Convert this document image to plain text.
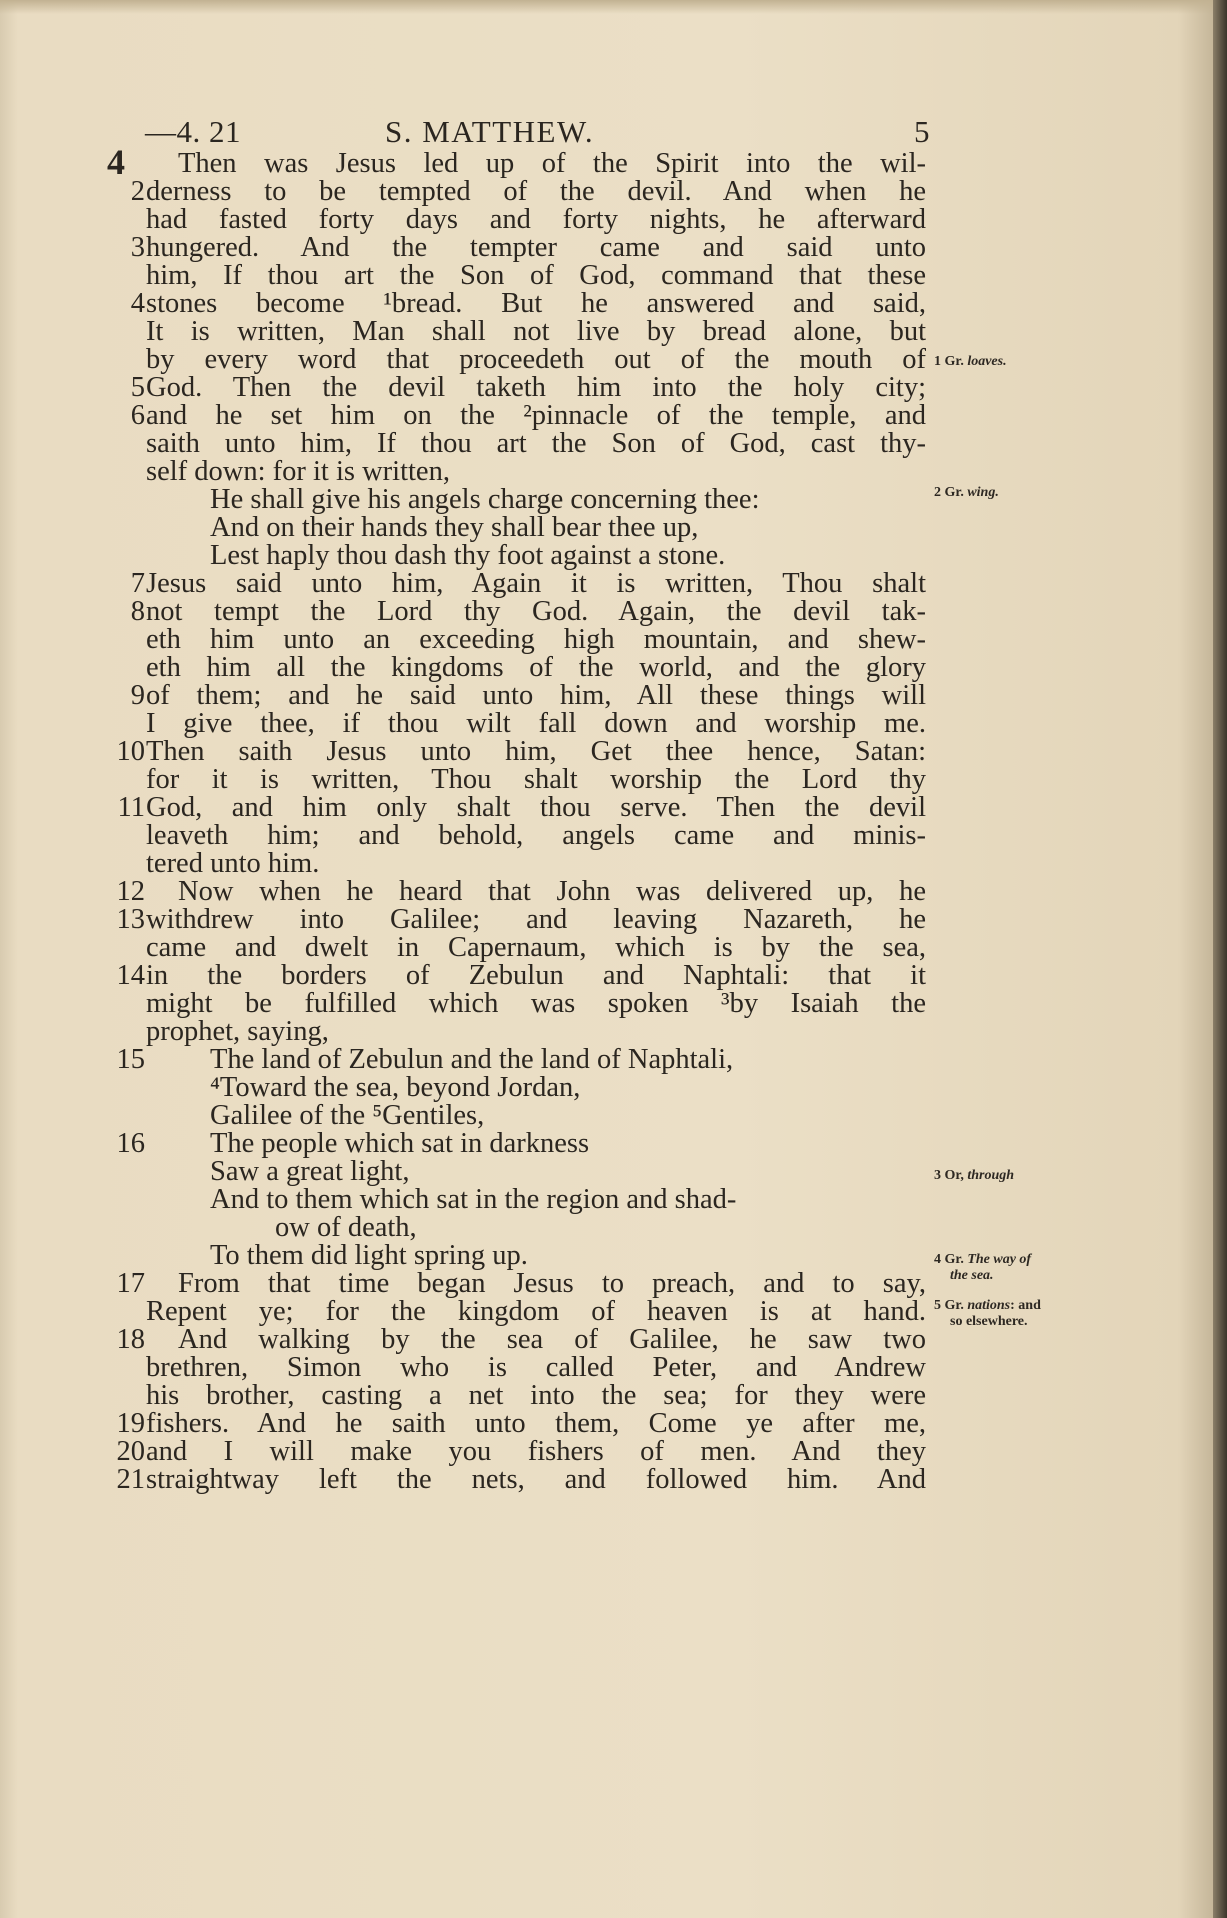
—4. 21	S. MATTHEW.	5
4	Then was Jesus led up of the Spirit into the wil-
2 derness to be tempted of the devil. And when he
had fasted forty days and forty nights, he afterward
3 hungered. And the tempter came and said unto
him, If thou art the Son of God, command that these
4 stones become ¹bread. But he answered and said,
It is written, Man shall not live by bread alone, but
by every word that proceedeth out of the mouth of
5 God. Then the devil taketh him into the holy city;
6 and he set him on the ²pinnacle of the temple, and
saith unto him, If thou art the Son of God, cast thy-
self down: for it is written,
He shall give his angels charge concerning thee:
And on their hands they shall bear thee up,
Lest haply thou dash thy foot against a stone.
7 Jesus said unto him, Again it is written, Thou shalt
8 not tempt the Lord thy God. Again, the devil tak-
eth him unto an exceeding high mountain, and shew-
eth him all the kingdoms of the world, and the glory
9 of them; and he said unto him, All these things will
I give thee, if thou wilt fall down and worship me.
10 Then saith Jesus unto him, Get thee hence, Satan:
for it is written, Thou shalt worship the Lord thy
11 God, and him only shalt thou serve. Then the devil
leaveth him; and behold, angels came and minis-
tered unto him.
12 Now when he heard that John was delivered up, he
13 withdrew into Galilee; and leaving Nazareth, he
came and dwelt in Capernaum, which is by the sea,
14 in the borders of Zebulun and Naphtali: that it
might be fulfilled which was spoken ³by Isaiah the
prophet, saying,
15 The land of Zebulun and the land of Naphtali,
⁴Toward the sea, beyond Jordan,
Galilee of the ⁵Gentiles,
16 The people which sat in darkness
Saw a great light,
And to them which sat in the region and shad-
ow of death,
To them did light spring up.
17 From that time began Jesus to preach, and to say,
Repent ye; for the kingdom of heaven is at hand.
18 And walking by the sea of Galilee, he saw two
brethren, Simon who is called Peter, and Andrew
his brother, casting a net into the sea; for they were
19 fishers. And he saith unto them, Come ye after me,
20 and I will make you fishers of men. And they
21 straightway left the nets, and followed him. And
1 Gr. loaves.
2 Gr. wing.
3 Or, through
4 Gr. The way of
the sea.
5 Gr. nations: and
so elsewhere.
